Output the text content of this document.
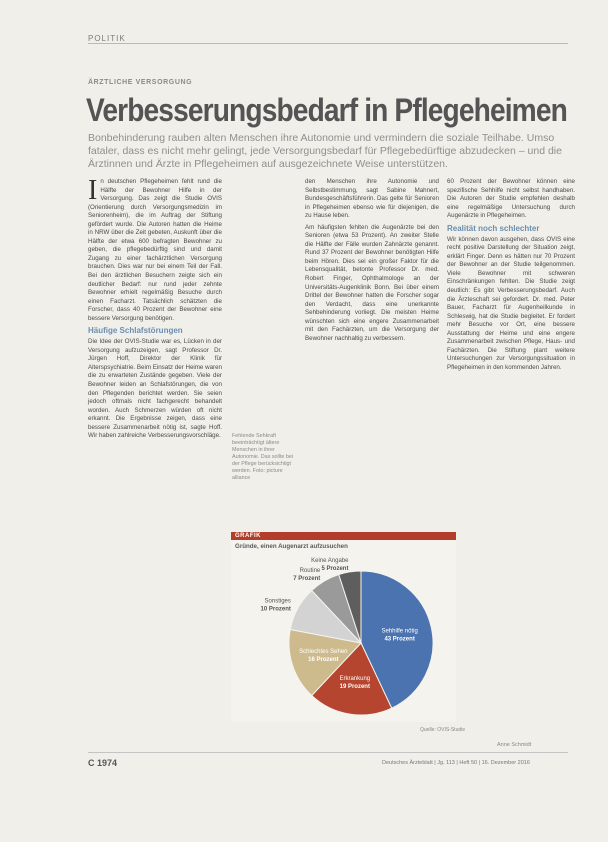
POLITIK
ÄRZTLICHE VERSORGUNG
Verbesserungsbedarf in Pflegeheimen
Bonbehinderung rauben alten Menschen ihre Autonomie und vermindern die soziale Teilhabe. Umso fataler, dass es nicht mehr gelingt, jede Versorgungsbedarf für Pflegebedürftige abzudecken – und die Ärztinnen und Ärzte in Pflegeheimen auf ausgezeichnete Weise unterstützen.
I n deutschen Pflegeheimen fehlt rund die Hälfte der Bewohner Hilfe in der Versorgung. Das zeigt die Studie OVIS (Orientierung durch Versorgungsmedizin im Seniorenheim), die im Auftrag der Stiftung gefördert wurde. Die Autoren hatten die Heime in NRW über die Zeit gebeten, Auskunft über die Hälfte der etwa 600 befragten Bewohner zu geben, die pflegebedürftig sind und damit Zugang zu einer fachärztlichen Versorgung brauchen. Dies war nur bei einem Teil der Fall. Bei den ärztlichen Besuchern zeigte sich ein deutlicher Bedarf: nur rund jeder zehnte Bewohner erhielt regelmäßig Besuche durch einen Facharzt. Tatsächlich schätzten die Forscher, dass 40 Prozent der Bewohner eine bessere Versorgung benötigen.

Häufige Schlafstörungen

Die Idee der OVIS-Studie war es, Lücken in der Versorgung aufzuzeigen, sagt Professor Dr. Jürgen Hoff, Direktor der Klinik für Alterspsychiatrie. Beim Einsatz der Heime waren die zu erwarteten Zustände gegeben. Viele der Bewohner leiden an Schlafstörungen, die von den Pflegenden berichtet werden. Sie seien jedoch oftmals nicht fachgerecht behandelt worden. Auch Schmerzen würden oft nicht erkannt. Die Ergebnisse zeigen, dass eine bessere Zusammenarbeit nötig ist, sagte Hoff. Wir haben zahlreiche Verbesserungsvorschläge.

den Menschen ihre Autonomie und Selbstbestimmung, sagt Sabine Mahnert, Bundesgeschäftsführerin. Das gelte für Senioren in Pflegeheimen ebenso wie für diejenigen, die zu Hause leben.

Am häufigsten fehlten die Augenärzte bei den Senioren (etwa 53 Prozent). An zweiter Stelle die Hälfte der Fälle wurden Zahnärzte genannt. Rund 37 Prozent der Bewohner benötigten Hilfe beim Hören. Dies sei ein großer Faktor für die Lebensqualität, betonte Professor Dr. med. Robert Finger, Ophthalmologe an der Universitäts-Augenklinik Bonn. Bei über einem Drittel der Bewohner hatten die Forscher sogar den Verdacht, dass eine unerkannte Sehbehinderung vorliegt. Die meisten Heime wünschten sich eine engere Zusammenarbeit mit den Fachärzten, um die Versorgung der Bewohner nachhaltig zu verbessern.

60 Prozent der Bewohner können eine spezifische Sehhilfe nicht selbst handhaben. Die Autoren der Studie empfehlen deshalb eine regelmäßige Untersuchung durch Augenärzte in Pflegeheimen.

Realität noch schlechter

Wir können davon ausgehen, dass OVIS eine recht positive Darstellung der Situation zeigt, erklärt Finger. Denn es hätten nur 70 Prozent der Bewohner an der Studie teilgenommen. Viele Bewohner mit schweren Einschränkungen fehlten. Die Studie zeigt deutlich: Es gibt Verbesserungsbedarf. Auch die Ärzteschaft sei gefordert. Dr. med. Peter Bauer, Facharzt für Augenheilkunde in Schleswig, hat die Studie begleitet. Er fordert mehr Besuche vor Ort, eine bessere Ausstattung der Heime und eine engere Zusammenarbeit zwischen Pflege, Haus- und Fachärzten. Die Stiftung plant weitere Untersuchungen zur Versorgungssituation in Pflegeheimen in den kommenden Jahren.

Fehlende Sehkraft beeinträchtigt ältere Menschen in ihrer Autonomie. Das sollte bei der Pflege berücksichtigt werden. Foto: picture alliance
GRAFIK
Gründe, einen Augenarzt aufzusuchen
Sehhilfe nötig
43 Prozent
Erkrankung
19 Prozent
Schlechtes Sehen
16 Prozent
Sonstiges
10 Prozent
Routine
7 Prozent
Keine Angabe
5 Prozent
Quelle: OVIS-Studie
Anne Schmidt
C 1974	Deutsches Ärzteblatt | Jg. 113 | Heft 50 | 16. Dezember 2016
